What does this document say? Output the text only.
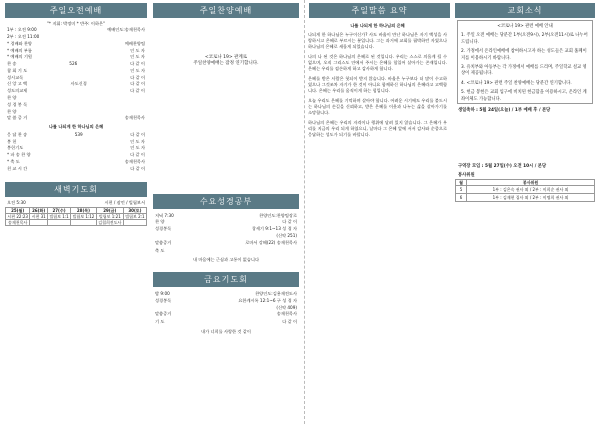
주일오전예배
"* 지휘: 박정미 * 반주: 이하은"
1부 : 오전 9:00	예배인도:송재천목사
2부 : 오전 11:00
* 경배와 찬양	예배찬양팀
* 예배의 부름	인 도 자
* 예배의 기원	인 도 자
찬 송	526	다 같 이
참 회 기 도	인 도 자
성시교독	다 같 이
신 앙 고 백	사도신경	다 같 이
성도의교제	다 같 이
찬 양
성 경 봉 독
찬 양
말 씀 증 거	송재천목사
나를 나되게 한 하나님의 은혜
응 답 찬 송	539	다 같 이
봉 헌	인 도 자
봉헌기도	인 도 자
* 파 송 찬 양	다 같 이
* 축 도	송재천목사
친 교 시 간	다 같 이
새벽기도회
오전 5:30	시편 / 잠언 / 빌립보서
25(월)	26(화)	27(수)	28(목)	29(금)	30(토)
시편 22:23	시편 31	빌립보 1:1	빌립보 1:12	빌립보 1:21	빌립보 2:1
송재천목사				김철희전도사	
주일찬양예배
<코로나 19> 관계로
주일찬양예배는 잠정 연기합니다.
수요성경공부
저녁 7:30	찬양인도:찬양팀장로
찬 양	다 같 이
성경봉독	창세기 9:1~13 성 경 자
(신약 251)
말씀증거	로마서 강해(22) 송재천목사
축 도
내 마음에는 근심과 고통이 없습니다
금요기도회
밤 9:00	찬양인도:김용재전도사
성경봉독	요한계시록 12:1~6 구 성 경 자
(신약 409)
말씀증거	송재천목사
기 도	다 같 이
내가 너희를 사랑한 것 같이
주일말씀 요약
나를 나되게 한 하나님의 은혜
나되게 한 하나님은 누구이신가? 사도 바울이 만난 하나님은 자기 백성을 사랑하시고 은혜로 부르시는 분입니다. 그는 과거에 교회를 핍박하던 자였으나 하나님의 은혜로 새롭게 되었습니다.
나의 나 된 것은 하나님의 은혜로 된 것입니다. 우리는 스스로 의롭게 될 수 없으며, 오직 그리스도 안에서 주시는 은혜를 힘입어 살아가는 존재입니다. 은혜는 우리를 겸손하게 하고 감사하게 합니다.
은혜를 받은 사람은 헛되이 받지 않습니다. 바울은 누구보다 더 많이 수고하였으나 그것조차 자기가 한 것이 아니요 함께하신 하나님의 은혜라고 고백합니다. 은혜는 우리를 움직이게 하는 힘입니다.
오늘 우리도 은혜를 기억하며 살아야 합니다. 어려운 시기에도 우리를 붙드시는 하나님의 손길을 신뢰하고, 받은 은혜를 이웃과 나누는 삶을 살아가기를 소망합니다.
하나님의 은혜는 우리의 자격이나 행위에 달려 있지 않습니다. 그 은혜가 우리를 지금의 우리 되게 하였으니, 날마다 그 은혜 앞에 서서 감사와 순종으로 응답하는 성도가 되기를 바랍니다.
교회소식
<코로나 19> 관련 예배 안내
1. 주일 오전 예배는 당분간 1부(오전9시), 2부(오전11시)로 나누어 드립니다.
2. 가정에서 온라인예배에 참여하시고자 하는 성도들은 교회 홈페이지를 이용하시기 바랍니다.
3. 유치부와 아동부는 각 가정에서 예배를 드리며, 주일학교 설교 영상이 제공됩니다.
4. <코로나 19> 관련 주일 찬양예배는 당분간 연기합니다.
5. 헌금 봉헌은 교회 입구에 비치된 헌금함을 이용하시고, 온라인 계좌이체도 가능합니다.
생일축하 : 5월 24일(오늘) / 1부 예배 후 / 본당
구역장 모임 : 5월 27일(수) 오전 10시 / 본당
봉사위원
월	봉사위원
5	1부 : 김은숙 권사 외 / 2부 : 이희순 권사 외
6	1부 : 김재현 집사 외 / 2부 : 이명희 권사 외
